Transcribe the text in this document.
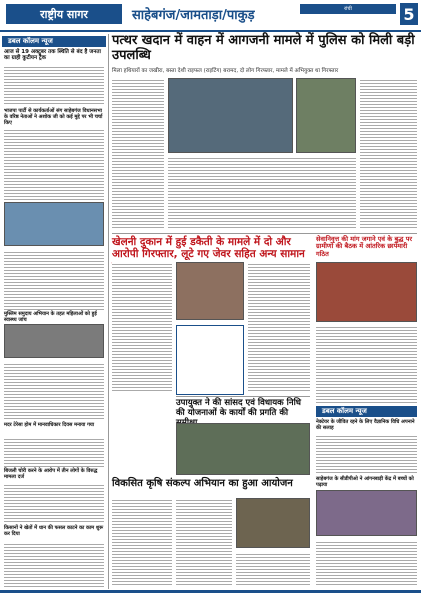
राष्ट्रीय सागर	साहेबगंज/जामताड़ा/पाकुड़	रांची	5
डबल कॉलम न्यूज
आज से 19 अक्टूबर तक स्थिति से बंद है जनता का ग्राही कुटीयन ट्रैक
भाजपा पार्टी से कार्यकर्ताओं संग साहेबगंज विधानसभा के वरिष्ठ नेताओं ने अशोक जी को कई मुद्दे पर भी चर्चा किए
मुस्लिम समुदाय अभियान के तहत महिलाओं को हुई स्वास्थ्य जांच
मदर टेरेसा होम में मानवाधिकार दिवस मनाया गया
बिजली चोरी करने के आरोप में तीन लोगों के विरुद्ध मामला दर्ज
किसानों ने खेतों में धान की फसल काटने का काम शुरू कर दिया
पत्थर खदान में वाहन में आगजनी मामले में पुलिस को मिली बड़ी उपलब्धि
मिला हथियारों का जखीरा, बस्ता देशी राइफल (राइटिंग) बरामद, दो लोग गिरफ्तार, मामले में अभियुक्त था गिरफ्तार
खेलनी दुकान में हुई डकैती के मामले में दो और आरोपी गिरफ्तार, लूटे गए जेवर सहित अन्य सामान
सेवानिवृत्त की मांग जगाने एवं के बुद्ध पर ग्रामीणों की बैठक में आंतरिक छापेमारी गठित
उपायुक्त ने की सांसद एवं विधायक निधि की योजनाओं के कार्यों की प्रगति की
विकसित कृषि संकल्प अभियान का हुआ आयोजन
डबल कॉलम न्यूज
नेक्टेयर के जीवित रहने के लिए वैज्ञानिक विधि अपनाने की सलाह
साहेबगंज के सीडीपीओ ने आंगनबाड़ी केंद्र में बच्चों को पढ़ाया
